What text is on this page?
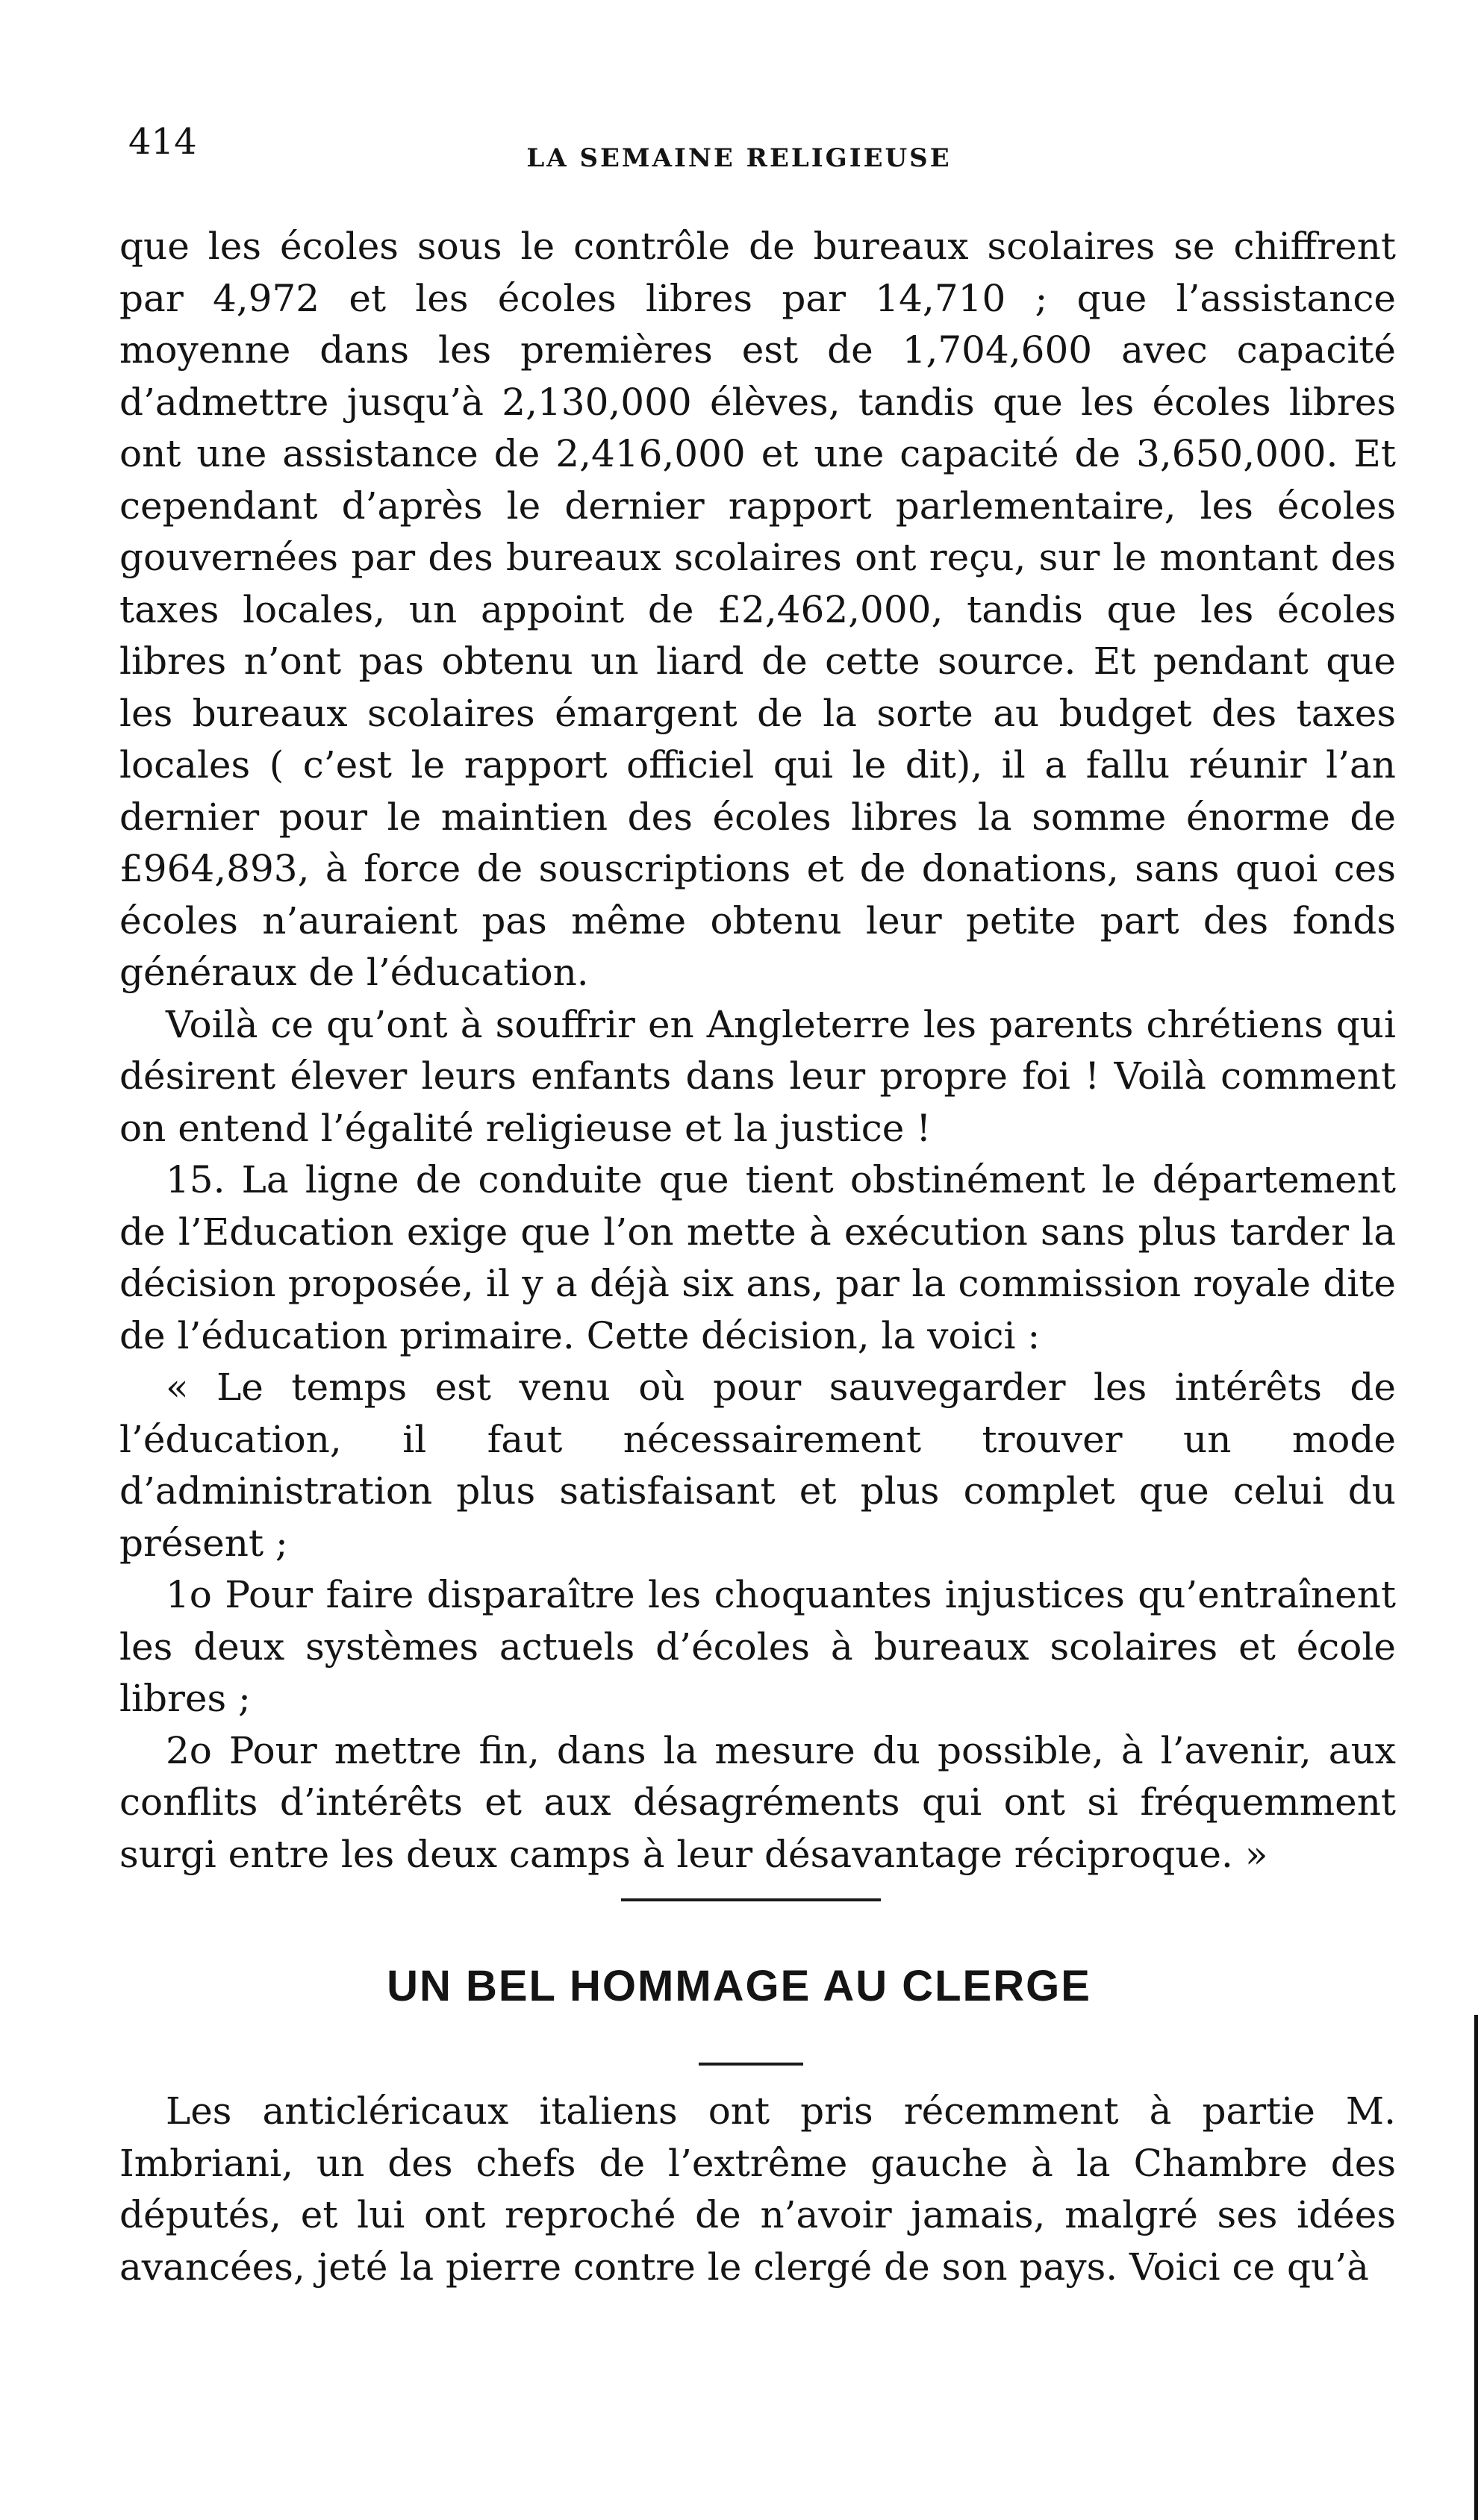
414	LA SEMAINE RELIGIEUSE

que les écoles sous le contrôle de bureaux scolaires se chiffrent par 4,972 et les écoles libres par 14,710 ; que l’assistance moyenne dans les premières est de 1,704,600 avec capacité d’admettre jusqu’à 2,130,000 élèves, tandis que les écoles libres ont une assistance de 2,416,000 et une capacité de 3,650,000. Et cependant d’après le dernier rapport parlementaire, les écoles gouvernées par des bureaux scolaires ont reçu, sur le montant des taxes locales, un appoint de £2,462,000, tandis que les écoles libres n’ont pas obtenu un liard de cette source. Et pendant que les bureaux scolaires émargent de la sorte au budget des taxes locales ( c’est le rapport officiel qui le dit), il a fallu réunir l’an dernier pour le maintien des écoles libres la somme énorme de £964,893, à force de souscriptions et de donations, sans quoi ces écoles n’auraient pas même obtenu leur petite part des fonds généraux de l’éducation.

Voilà ce qu’ont à souffrir en Angleterre les parents chrétiens qui désirent élever leurs enfants dans leur propre foi ! Voilà comment on entend l’égalité religieuse et la justice !

15. La ligne de conduite que tient obstinément le département de l’Education exige que l’on mette à exécution sans plus tarder la décision proposée, il y a déjà six ans, par la commission royale dite de l’éducation primaire. Cette décision, la voici :

« Le temps est venu où pour sauvegarder les intérêts de l’éducation, il faut nécessairement trouver un mode d’administration plus satisfaisant et plus complet que celui du présent ;

1o Pour faire disparaître les choquantes injustices qu’entraînent les deux systèmes actuels d’écoles à bureaux scolaires et école libres ;

2o Pour mettre fin, dans la mesure du possible, à l’avenir, aux conflits d’intérêts et aux désagréments qui ont si fréquemment surgi entre les deux camps à leur désavantage réciproque. »

UN BEL HOMMAGE AU CLERGE

Les anticléricaux italiens ont pris récemment à partie M. Imbriani, un des chefs de l’extrême gauche à la Chambre des députés, et lui ont reproché de n’avoir jamais, malgré ses idées avancées, jeté la pierre contre le clergé de son pays. Voici ce qu’à
